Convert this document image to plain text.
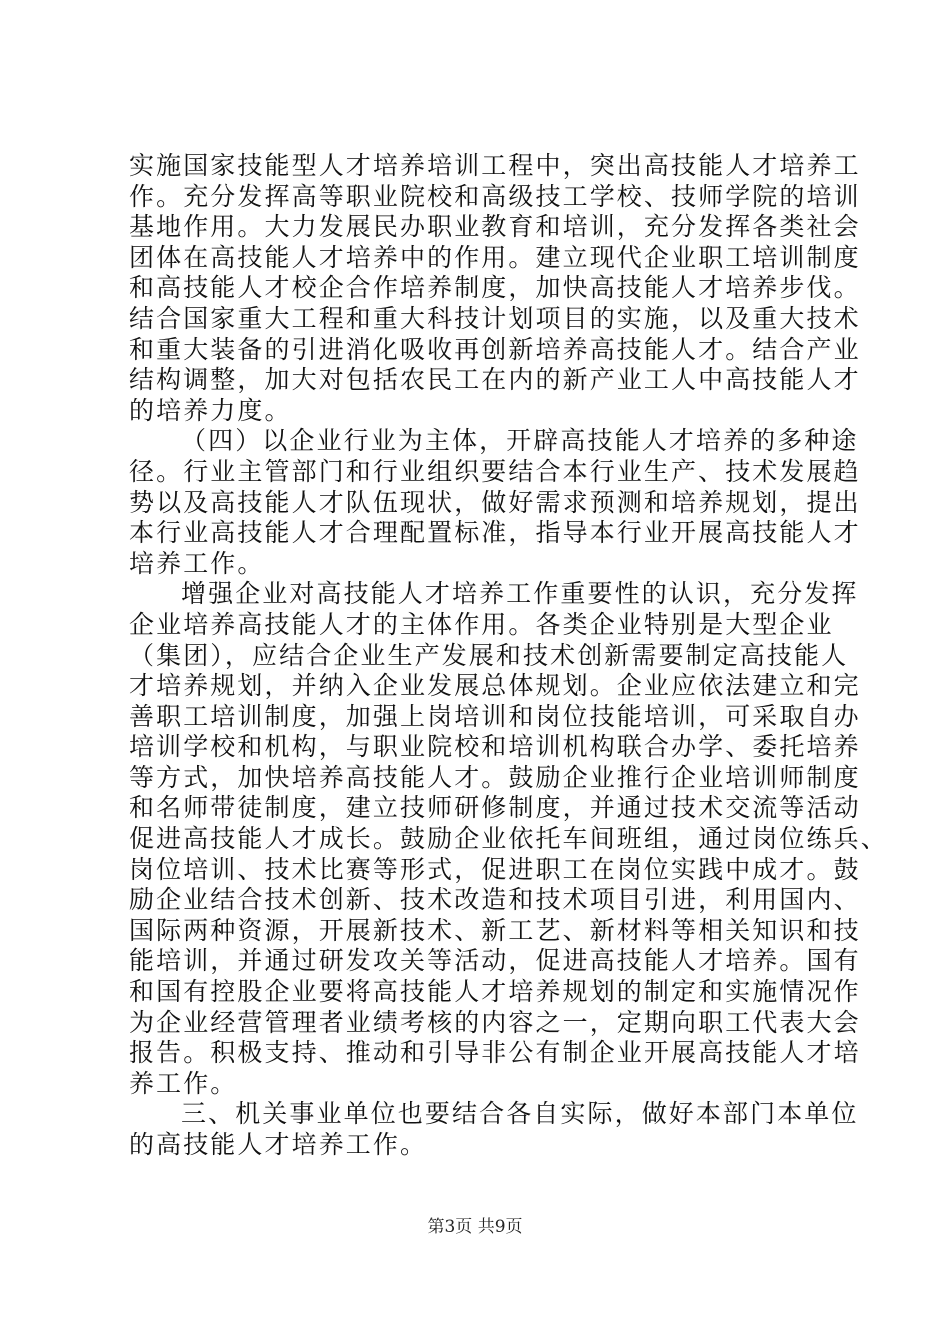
实施国家技能型人才培养培训工程中，突出高技能人才培养工
作。充分发挥高等职业院校和高级技工学校、技师学院的培训
基地作用。大力发展民办职业教育和培训，充分发挥各类社会
团体在高技能人才培养中的作用。建立现代企业职工培训制度
和高技能人才校企合作培养制度，加快高技能人才培养步伐。
结合国家重大工程和重大科技计划项目的实施，以及重大技术
和重大装备的引进消化吸收再创新培养高技能人才。结合产业
结构调整，加大对包括农民工在内的新产业工人中高技能人才
的培养力度。
（四）以企业行业为主体，开辟高技能人才培养的多种途
径。行业主管部门和行业组织要结合本行业生产、技术发展趋
势以及高技能人才队伍现状，做好需求预测和培养规划，提出
本行业高技能人才合理配置标准，指导本行业开展高技能人才
培养工作。
增强企业对高技能人才培养工作重要性的认识，充分发挥
企业培养高技能人才的主体作用。各类企业特别是大型企业
（集团），应结合企业生产发展和技术创新需要制定高技能人
才培养规划，并纳入企业发展总体规划。企业应依法建立和完
善职工培训制度，加强上岗培训和岗位技能培训，可采取自办
培训学校和机构，与职业院校和培训机构联合办学、委托培养
等方式，加快培养高技能人才。鼓励企业推行企业培训师制度
和名师带徒制度，建立技师研修制度，并通过技术交流等活动
促进高技能人才成长。鼓励企业依托车间班组，通过岗位练兵、
岗位培训、技术比赛等形式，促进职工在岗位实践中成才。鼓
励企业结合技术创新、技术改造和技术项目引进，利用国内、
国际两种资源，开展新技术、新工艺、新材料等相关知识和技
能培训，并通过研发攻关等活动，促进高技能人才培养。国有
和国有控股企业要将高技能人才培养规划的制定和实施情况作
为企业经营管理者业绩考核的内容之一，定期向职工代表大会
报告。积极支持、推动和引导非公有制企业开展高技能人才培
养工作。
三、机关事业单位也要结合各自实际，做好本部门本单位
的高技能人才培养工作。
第3页 共9页
